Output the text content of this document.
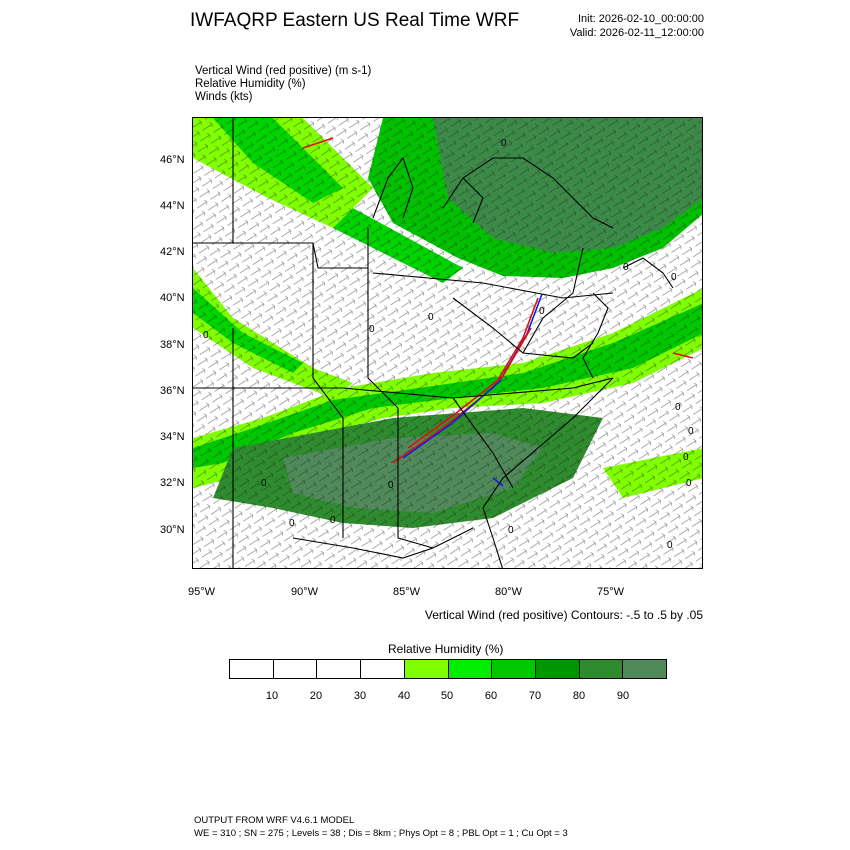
IWFAQRP Eastern US Real Time WRF	Init: 2026-02-10_00:00:00
Valid: 2026-02-11_12:00:00
Vertical Wind (red positive) (m s-1)
Relative Humidity (%)
Winds (kts)
46°N
44°N
42°N
40°N
38°N
36°N
34°N
32°N
30°N
95°W	90°W	85°W	80°W	75°W
0
0
0
0
0
0
0
0
0
0
0
0	0
0	0
0
0
Vertical Wind (red positive) Contours: -.5 to .5 by .05
Relative Humidity (%)
10	20	30	40	50	60	70	80	90
OUTPUT FROM WRF V4.6.1 MODEL
WE = 310 ; SN = 275 ; Levels = 38 ; Dis = 8km ; Phys Opt = 8 ; PBL Opt = 1 ; Cu Opt = 3
